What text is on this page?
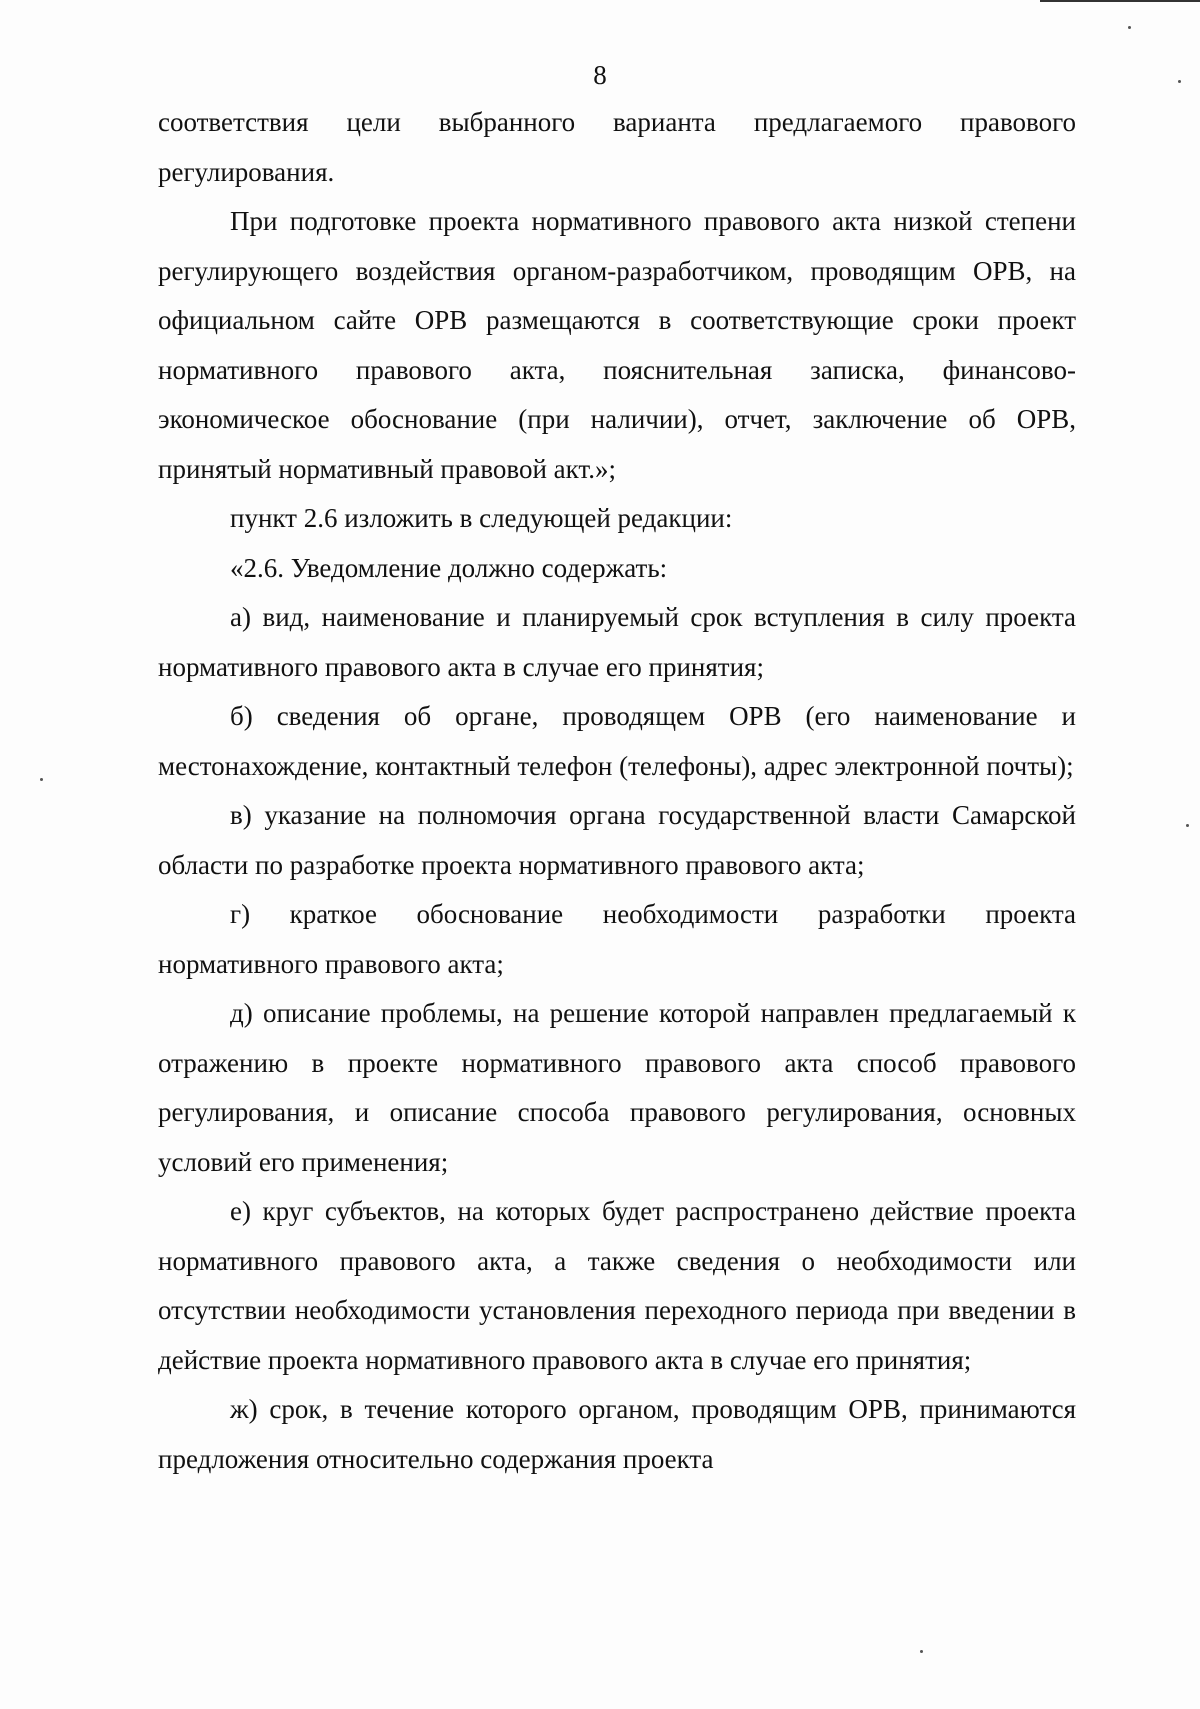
8

соответствия цели выбранного варианта предлагаемого правового регулирования.

При подготовке проекта нормативного правового акта низкой степени регулирующего воздействия органом-разработчиком, проводящим ОРВ, на официальном сайте ОРВ размещаются в соответствующие сроки проект нормативного правового акта, пояснительная записка, финансово-экономическое обоснование (при наличии), отчет, заключение об ОРВ, принятый нормативный правовой акт.»;

пункт 2.6 изложить в следующей редакции:

«2.6. Уведомление должно содержать:

а) вид, наименование и планируемый срок вступления в силу проекта нормативного правового акта в случае его принятия;

б) сведения об органе, проводящем ОРВ (его наименование и местонахождение, контактный телефон (телефоны), адрес электронной почты);

в) указание на полномочия органа государственной власти Самарской области по разработке проекта нормативного правового акта;

г) краткое обоснование необходимости разработки проекта нормативного правового акта;

д) описание проблемы, на решение которой направлен предлагаемый к отражению в проекте нормативного правового акта способ правового регулирования, и описание способа правового регулирования, основных условий его применения;

е) круг субъектов, на которых будет распространено действие проекта нормативного правового акта, а также сведения о необходимости или отсутствии необходимости установления переходного периода при введении в действие проекта нормативного правового акта в случае его принятия;

ж) срок, в течение которого органом, проводящим ОРВ, принимаются предложения относительно содержания проекта
